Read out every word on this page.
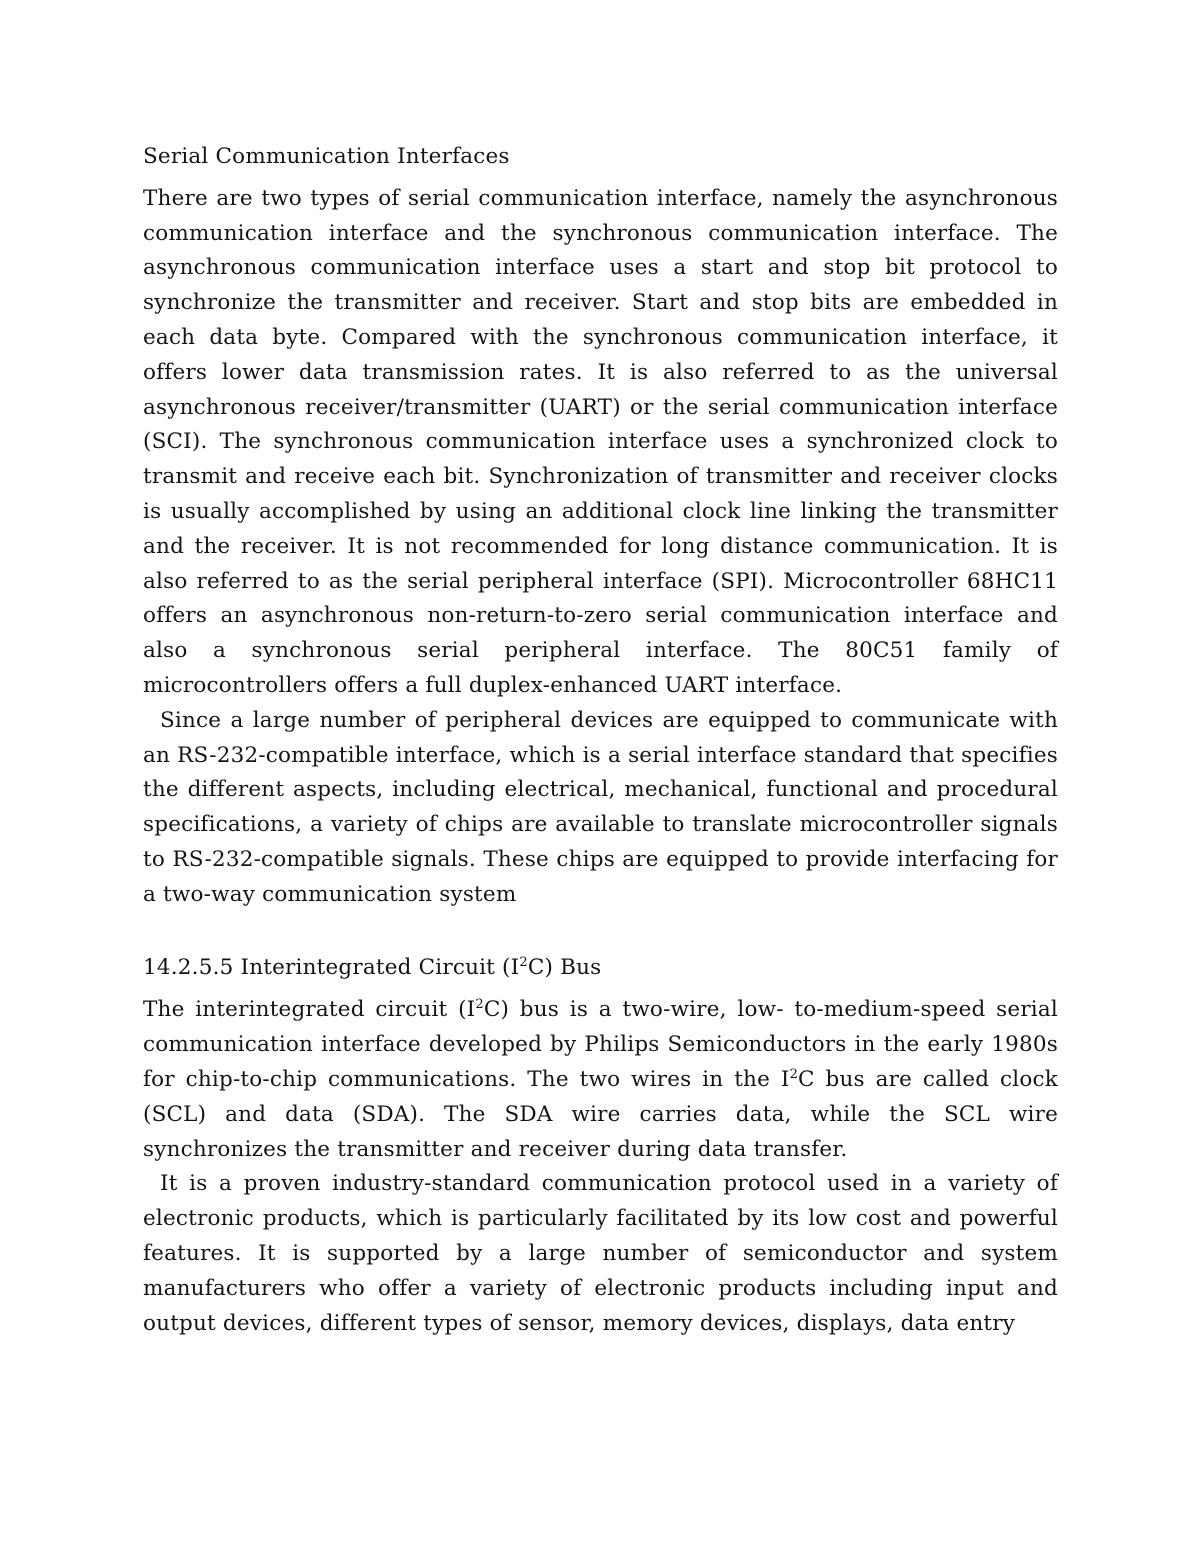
Serial Communication Interfaces

There are two types of serial communication interface, namely the asynchronous communication interface and the synchronous communication interface. The asynchronous communication interface uses a start and stop bit protocol to synchronize the transmitter and receiver. Start and stop bits are embedded in each data byte. Compared with the synchronous communication interface, it offers lower data transmission rates. It is also referred to as the universal asynchronous receiver/transmitter (UART) or the serial communication interface (SCI). The synchronous communication interface uses a synchronized clock to transmit and receive each bit. Synchronization of transmitter and receiver clocks is usually accomplished by using an additional clock line linking the transmitter and the receiver. It is not recommended for long distance communication. It is also referred to as the serial peripheral interface (SPI). Microcontroller 68HC11 offers an asynchronous non-return-to-zero serial communication interface and also a synchronous serial peripheral interface. The 80C51 family of microcontrollers offers a full duplex-enhanced UART interface.

Since a large number of peripheral devices are equipped to communicate with an RS-232-compatible interface, which is a serial interface standard that specifies the different aspects, including electrical, mechanical, functional and procedural specifications, a variety of chips are available to translate microcontroller signals to RS-232-compatible signals. These chips are equipped to provide interfacing for a two-way communication system

14.2.5.5 Interintegrated Circuit $(I^2C)$ Bus

The interintegrated circuit $(I^2C)$ bus is a two-wire, low- to-medium-speed serial communication interface developed by Philips Semiconductors in the early 1980s for chip-to-chip communications. The two wires in the $I^2C$ bus are called clock (SCL) and data (SDA). The SDA wire carries data, while the SCL wire synchronizes the transmitter and receiver during data transfer.

It is a proven industry-standard communication protocol used in a variety of electronic products, which is particularly facilitated by its low cost and powerful features. It is supported by a large number of semiconductor and system manufacturers who offer a variety of electronic products including input and output devices, different types of sensor, memory devices, displays, data entry
